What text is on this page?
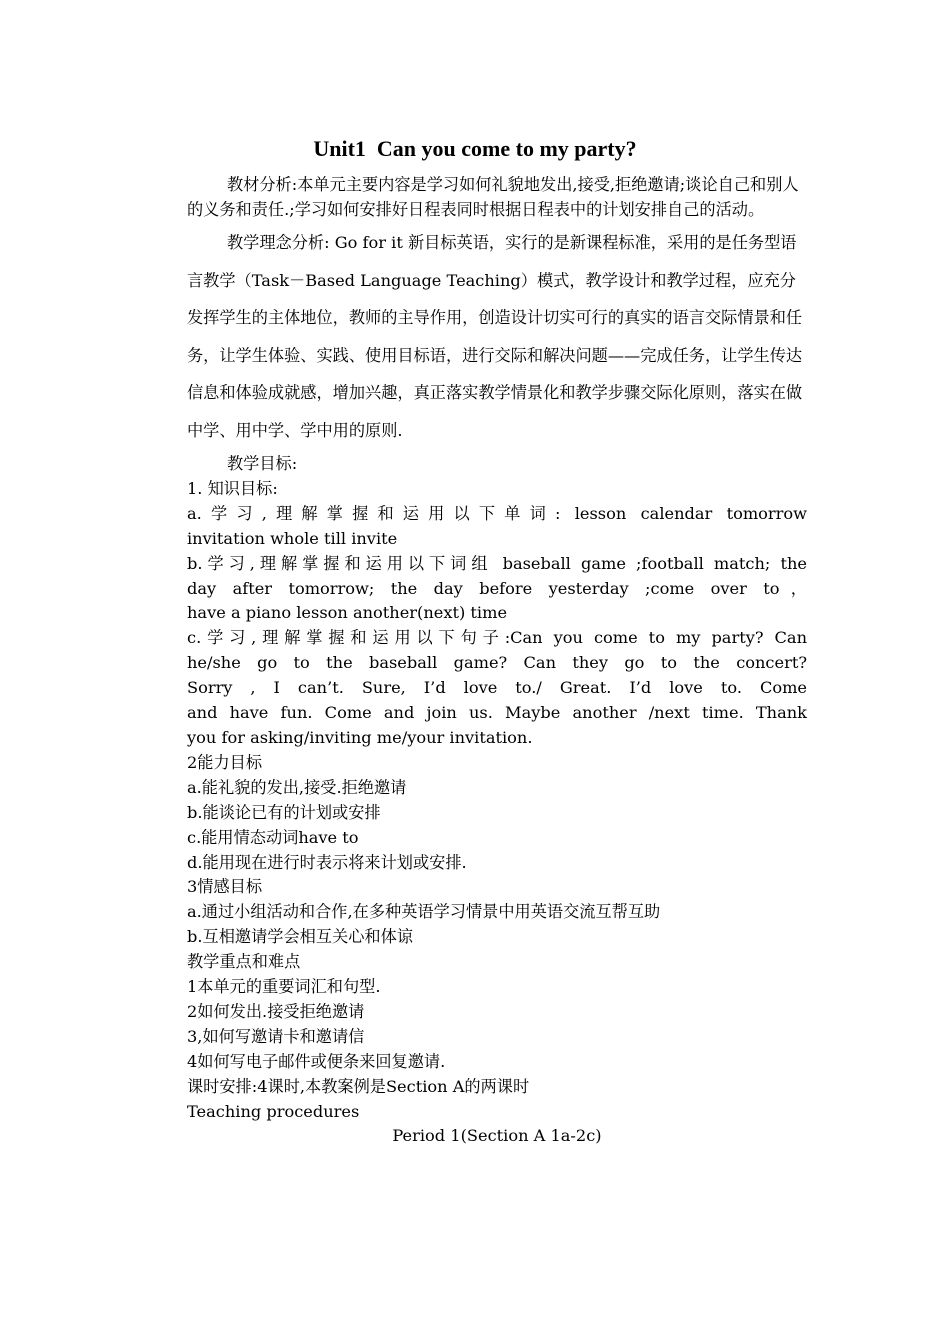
Unit1  Can you come to my party?

教材分析:本单元主要内容是学习如何礼貌地发出,接受,拒绝邀请;谈论自己和别人的义务和责任.;学习如何安排好日程表同时根据日程表中的计划安排自己的活动。

教学理念分析: Go for it 新目标英语，实行的是新课程标准，采用的是任务型语言教学（Task－Based Language Teaching）模式，教学设计和教学过程，应充分发挥学生的主体地位，教师的主导作用，创造设计切实可行的真实的语言交际情景和任务，让学生体验、实践、使用目标语，进行交际和解决问题——完成任务，让学生传达信息和体验成就感，增加兴趣，真正落实教学情景化和教学步骤交际化原则，落实在做中学、用中学、学中用的原则.

教学目标:

1. 知识目标:

a.学习,理解掌握和运用以下单词: lesson calendar tomorrow

invitation whole till invite

b.学习,理解掌握和运用以下词组 baseball game ;football match; the

day after tomorrow; the day before yesterday ;come over to，

have a piano lesson another(next) time

c.学习,理解掌握和运用以下句子:Can you come to my party? Can

he/she go to the baseball game? Can they go to the concert?

Sorry , I can’t. Sure, I’d love to./ Great. I’d love to. Come

and have fun. Come and join us. Maybe another /next time. Thank

you for asking/inviting me/your invitation.

2能力目标

a.能礼貌的发出,接受.拒绝邀请

b.能谈论已有的计划或安排

c.能用情态动词have to

d.能用现在进行时表示将来计划或安排.

3情感目标

a.通过小组活动和合作,在多种英语学习情景中用英语交流互帮互助

b.互相邀请学会相互关心和体谅

教学重点和难点

1本单元的重要词汇和句型.

2如何发出.接受拒绝邀请

3,如何写邀请卡和邀请信

4如何写电子邮件或便条来回复邀请.

课时安排:4课时,本教案例是Section A的两课时

Teaching procedures

Period 1(Section A 1a-2c)
